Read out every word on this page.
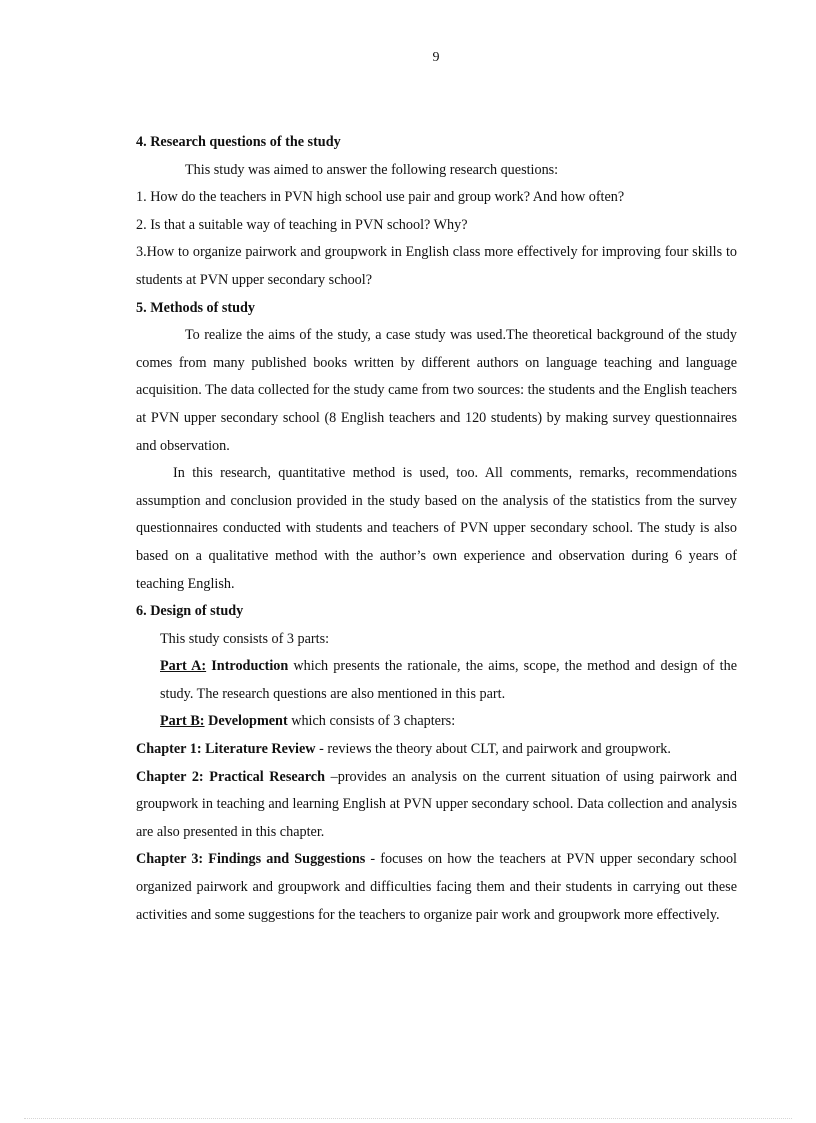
9

4. Research questions of the study

This study was aimed to answer the following research questions:

1. How do the teachers in PVN high school use pair and group work? And how often?

2. Is that a suitable way of teaching in PVN school? Why?

3.How to organize pairwork and groupwork in English class more effectively for improving four skills to students at PVN upper secondary school?

5. Methods of study

To realize the aims of the study, a case study was used.The theoretical background of the study comes from many published books written by different authors on language teaching and language acquisition. The data collected for the study came from two sources: the students and the English teachers at PVN upper secondary school (8 English teachers and 120 students) by making survey questionnaires and observation.

In this research, quantitative method is used, too. All comments, remarks, recommendations assumption and conclusion provided in the study based on the analysis of the statistics from the survey questionnaires conducted with students and teachers of PVN upper secondary school. The study is also based on a qualitative method with the author’s own experience and observation during 6 years of teaching English.

6. Design of study

This study consists of 3 parts:

Part A: Introduction which presents the rationale, the aims, scope, the method and design of the study. The research questions are also mentioned in this part.

Part B: Development which consists of 3 chapters:

Chapter 1: Literature Review - reviews the theory about CLT, and pairwork and groupwork.

Chapter 2: Practical Research –provides an analysis on the current situation of using pairwork and groupwork in teaching and learning English at PVN upper secondary school. Data collection and analysis are also presented in this chapter.

Chapter 3: Findings and Suggestions - focuses on how the teachers at PVN upper secondary school organized pairwork and groupwork and difficulties facing them and their students in carrying out these activities and some suggestions for the teachers to organize pair work and groupwork more effectively.
